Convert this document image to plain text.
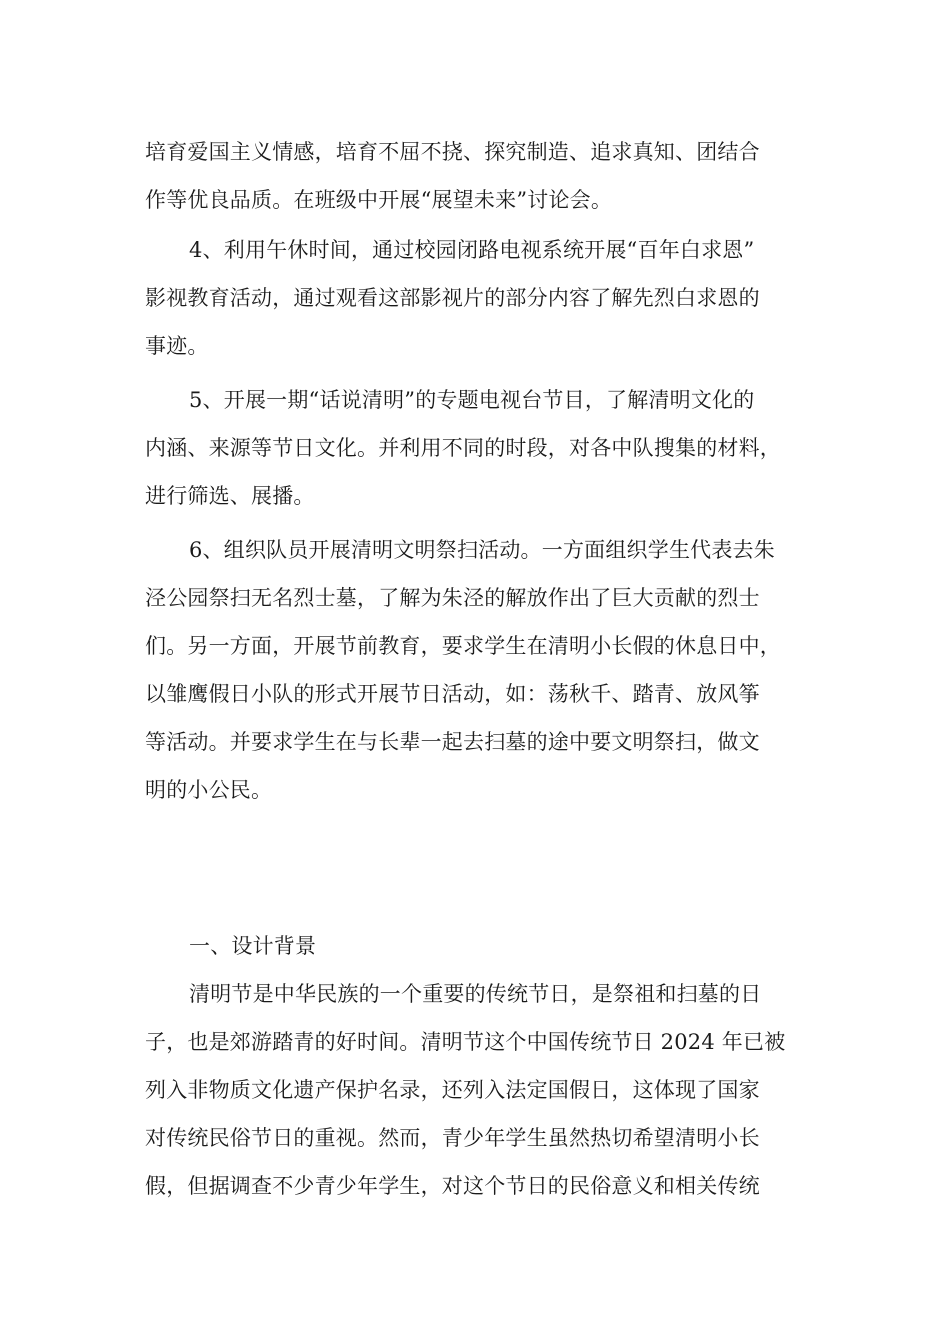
培育爱国主义情感，培育不屈不挠、探究制造、追求真知、团结合
作等优良品质。在班级中开展“展望未来”讨论会。

4、利用午休时间，通过校园闭路电视系统开展“百年白求恩”
影视教育活动，通过观看这部影视片的部分内容了解先烈白求恩的
事迹。

5、开展一期“话说清明”的专题电视台节目，了解清明文化的
内涵、来源等节日文化。并利用不同的时段，对各中队搜集的材料，
进行筛选、展播。

6、组织队员开展清明文明祭扫活动。一方面组织学生代表去朱
泾公园祭扫无名烈士墓，了解为朱泾的解放作出了巨大贡献的烈士
们。另一方面，开展节前教育，要求学生在清明小长假的休息日中，
以雏鹰假日小队的形式开展节日活动，如：荡秋千、踏青、放风筝
等活动。并要求学生在与长辈一起去扫墓的途中要文明祭扫，做文
明的小公民。

一、设计背景

清明节是中华民族的一个重要的传统节日，是祭祖和扫墓的日
子，也是郊游踏青的好时间。清明节这个中国传统节日 2024 年已被
列入非物质文化遗产保护名录，还列入法定国假日，这体现了国家
对传统民俗节日的重视。然而，青少年学生虽然热切希望清明小长
假，但据调查不少青少年学生，对这个节日的民俗意义和相关传统
